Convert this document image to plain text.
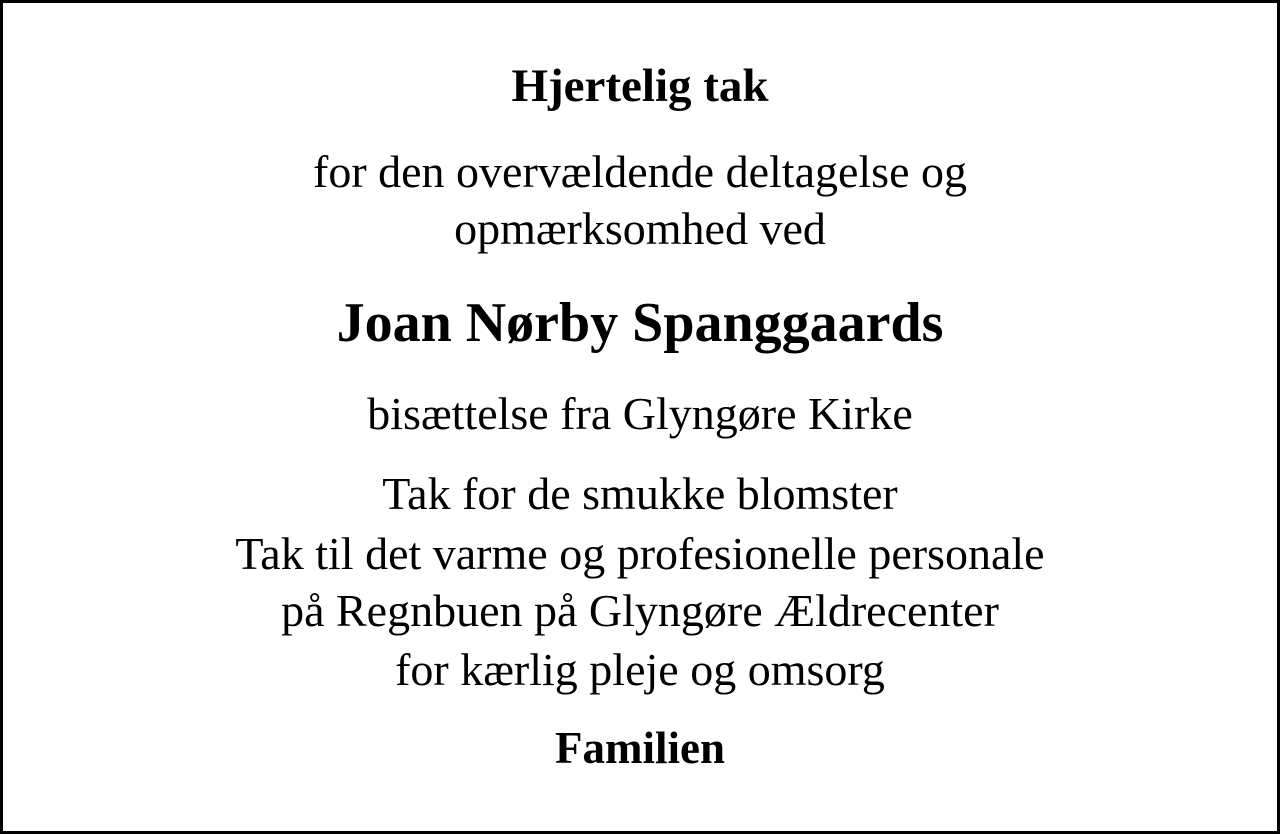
Hjertelig tak

for den overvældende deltagelse og

opmærksomhed ved

Joan Nørby Spanggaards

bisættelse fra Glyngøre Kirke

Tak for de smukke blomster

Tak til det varme og profesionelle personale

på Regnbuen på Glyngøre Ældrecenter

for kærlig pleje og omsorg

Familien
